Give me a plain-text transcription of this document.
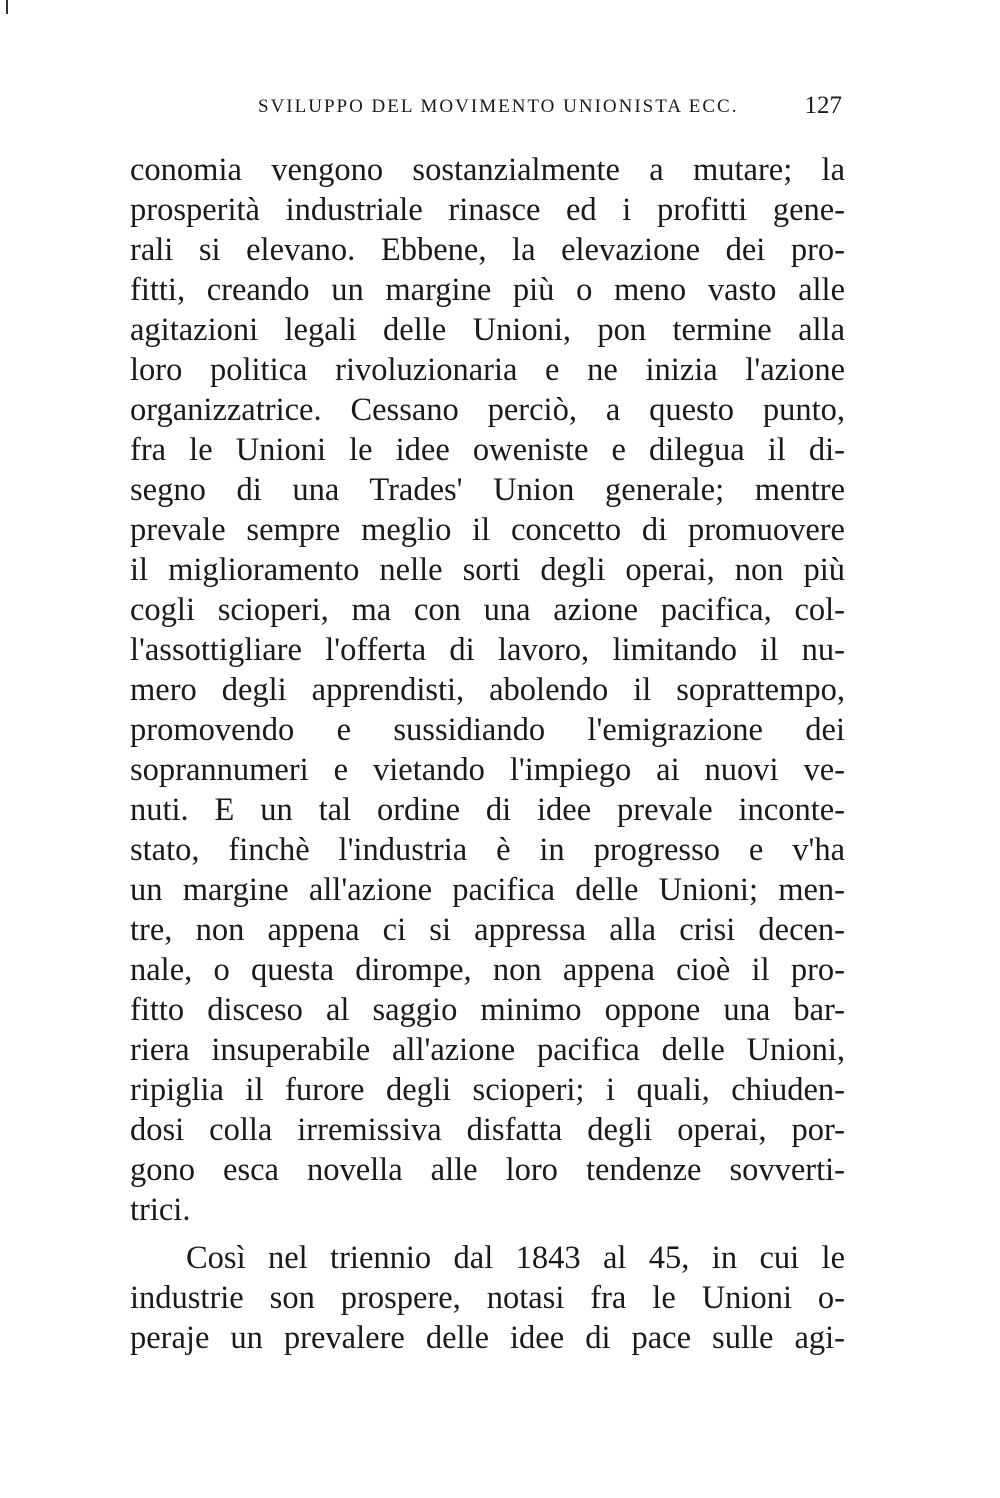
SVILUPPO DEL MOVIMENTO UNIONISTA ECC.	127
conomia vengono sostanzialmente a mutare; la
prosperità industriale rinasce ed i profitti gene-
rali si elevano. Ebbene, la elevazione dei pro-
fitti, creando un margine più o meno vasto alle
agitazioni legali delle Unioni, pon termine alla
loro politica rivoluzionaria e ne inizia l'azione
organizzatrice. Cessano perciò, a questo punto,
fra le Unioni le idee oweniste e dilegua il di-
segno di una Trades' Union generale; mentre
prevale sempre meglio il concetto di promuovere
il miglioramento nelle sorti degli operai, non più
cogli scioperi, ma con una azione pacifica, col-
l'assottigliare l'offerta di lavoro, limitando il nu-
mero degli apprendisti, abolendo il soprattempo,
promovendo e sussidiando l'emigrazione dei
soprannumeri e vietando l'impiego ai nuovi ve-
nuti. E un tal ordine di idee prevale inconte-
stato, finchè l'industria è in progresso e v'ha
un margine all'azione pacifica delle Unioni; men-
tre, non appena ci si appressa alla crisi decen-
nale, o questa dirompe, non appena cioè il pro-
fitto disceso al saggio minimo oppone una bar-
riera insuperabile all'azione pacifica delle Unioni,
ripiglia il furore degli scioperi; i quali, chiuden-
dosi colla irremissiva disfatta degli operai, por-
gono esca novella alle loro tendenze sovverti-
trici.
Così nel triennio dal 1843 al 45, in cui le
industrie son prospere, notasi fra le Unioni o-
peraje un prevalere delle idee di pace sulle agi-
